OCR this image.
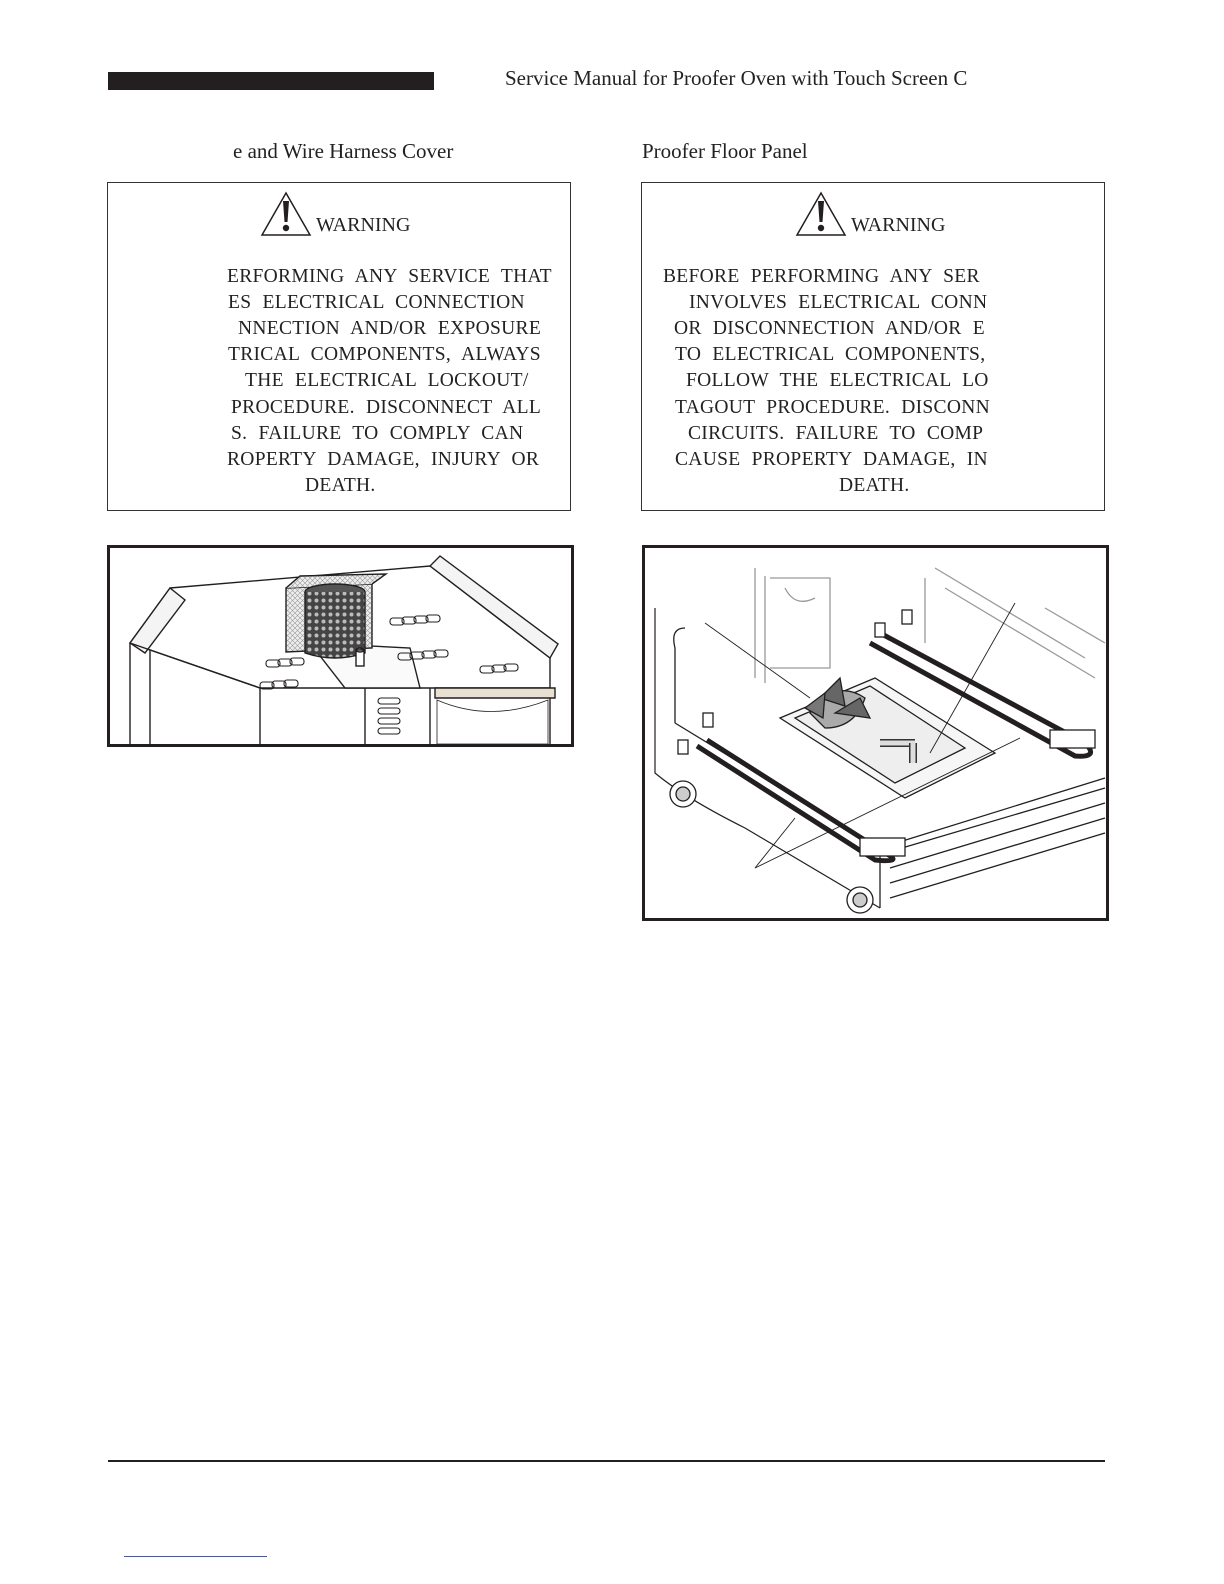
Service Manual for Proofer Oven with Touch Screen C
e and Wire Harness Cover	Proofer Floor Panel
WARNING
ERFORMING ANY SERVICE THAT
ES ELECTRICAL CONNECTION
NNECTION AND/OR EXPOSURE
TRICAL COMPONENTS, ALWAYS
THE ELECTRICAL LOCKOUT/
PROCEDURE. DISCONNECT ALL
S. FAILURE TO COMPLY CAN
ROPERTY DAMAGE, INJURY OR
DEATH.
WARNING
BEFORE PERFORMING ANY SER
INVOLVES ELECTRICAL CONN
OR DISCONNECTION AND/OR E
TO ELECTRICAL COMPONENTS,
FOLLOW THE ELECTRICAL LO
TAGOUT PROCEDURE. DISCONN
CIRCUITS. FAILURE TO COMP
CAUSE PROPERTY DAMAGE, IN
DEATH.
